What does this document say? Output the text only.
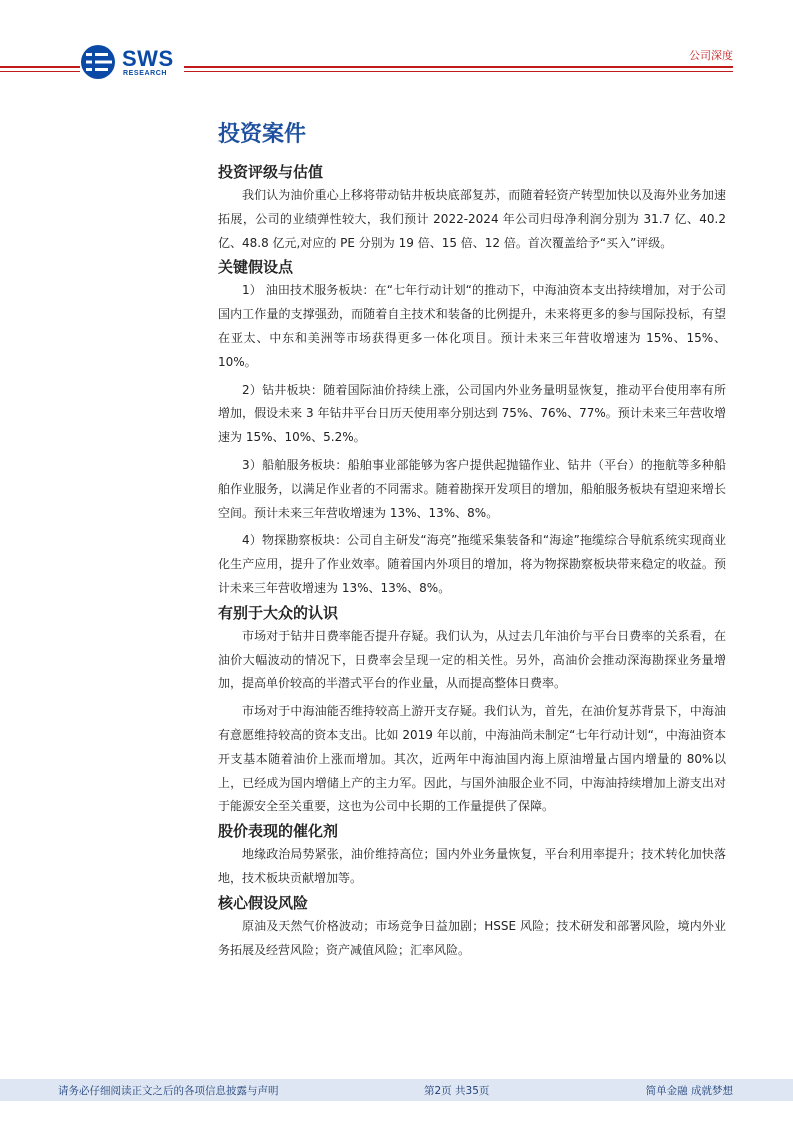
SWS
RESEARCH
公司深度
投资案件
投资评级与估值

我们认为油价重心上移将带动钻井板块底部复苏，而随着轻资产转型加快以及海外业务加速拓展，公司的业绩弹性较大，我们预计 2022-2024 年公司归母净利润分别为 31.7 亿、40.2 亿、48.8 亿元,对应的 PE 分别为 19 倍、15 倍、12 倍。首次覆盖给予“买入”评级。

关键假设点

1） 油田技术服务板块：在“七年行动计划“的推动下，中海油资本支出持续增加，对于公司国内工作量的支撑强劲，而随着自主技术和装备的比例提升，未来将更多的参与国际投标，有望在亚太、中东和美洲等市场获得更多一体化项目。预计未来三年营收增速为 15%、15%、10%。

2）钻井板块：随着国际油价持续上涨，公司国内外业务量明显恢复，推动平台使用率有所增加，假设未来 3 年钻井平台日历天使用率分别达到 75%、76%、77%。预计未来三年营收增速为 15%、10%、5.2%。

3）船舶服务板块：船舶事业部能够为客户提供起抛锚作业、钻井（平台）的拖航等多种船舶作业服务，以满足作业者的不同需求。随着勘探开发项目的增加，船舶服务板块有望迎来增长空间。预计未来三年营收增速为 13%、13%、8%。

4）物探勘察板块：公司自主研发“海亮”拖缆采集装备和“海途”拖缆综合导航系统实现商业化生产应用，提升了作业效率。随着国内外项目的增加，将为物探勘察板块带来稳定的收益。预计未来三年营收增速为 13%、13%、8%。

有别于大众的认识

市场对于钻井日费率能否提升存疑。我们认为，从过去几年油价与平台日费率的关系看，在油价大幅波动的情况下，日费率会呈现一定的相关性。另外，高油价会推动深海勘探业务量增加，提高单价较高的半潜式平台的作业量，从而提高整体日费率。

市场对于中海油能否维持较高上游开支存疑。我们认为，首先，在油价复苏背景下，中海油有意愿维持较高的资本支出。比如 2019 年以前，中海油尚未制定“七年行动计划“，中海油资本开支基本随着油价上涨而增加。其次，近两年中海油国内海上原油增量占国内增量的 80%以上，已经成为国内增储上产的主力军。因此，与国外油服企业不同，中海油持续增加上游支出对于能源安全至关重要，这也为公司中长期的工作量提供了保障。

股价表现的催化剂

地缘政治局势紧张，油价维持高位；国内外业务量恢复，平台利用率提升；技术转化加快落地，技术板块贡献增加等。

核心假设风险

原油及天然气价格波动；市场竞争日益加剧；HSSE 风险；技术研发和部署风险，境内外业务拓展及经营风险；资产减值风险；汇率风险。

请务必仔细阅读正文之后的各项信息披露与声明	第2页 共35页	简单金融 成就梦想
